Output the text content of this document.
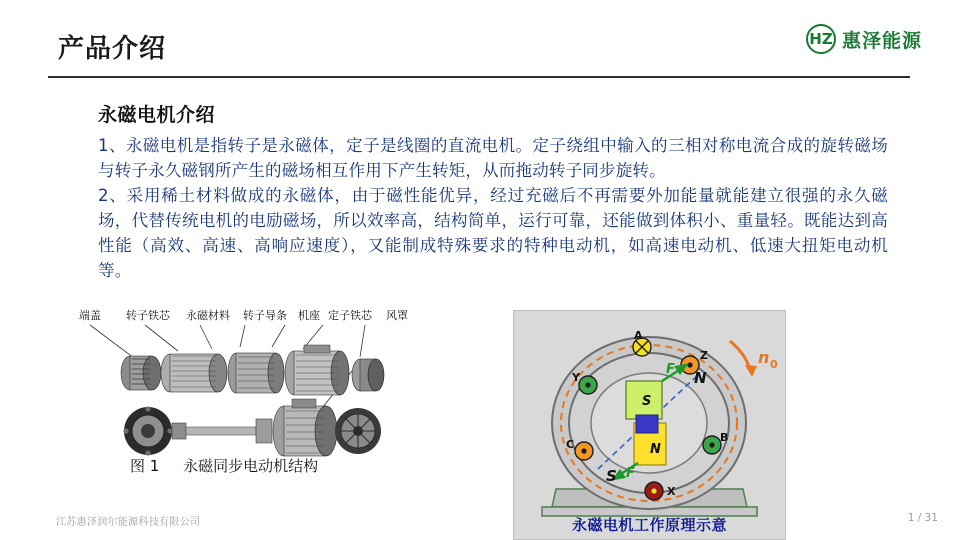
产品介绍	HZ 惠泽能源
永磁电机介绍

1、永磁电机是指转子是永磁体，定子是线圈的直流电机。定子绕组中输入的三相对称电流合成的旋转磁场与转子永久磁钢所产生的磁场相互作用下产生转矩，从而拖动转子同步旋转。

2、采用稀土材料做成的永磁体，由于磁性能优异，经过充磁后不再需要外加能量就能建立很强的永久磁场，代替传统电机的电励磁场，所以效率高，结构简单，运行可靠，还能做到体积小、重量轻。既能达到高性能（高效、高速、高响应速度），又能制成特殊要求的特种电动机，如高速电动机、低速大扭矩电动机等。

端盖 转子铁芯 永磁材料 转子导条 机座 定子铁芯 风罩
图 1     永磁同步电动机结构
S
N
A
Z
Y
C
B
X
F
F
N
S
n 0
永磁电机工作原理示意
江苏惠泽润尔能源科技有限公司	1 / 31
